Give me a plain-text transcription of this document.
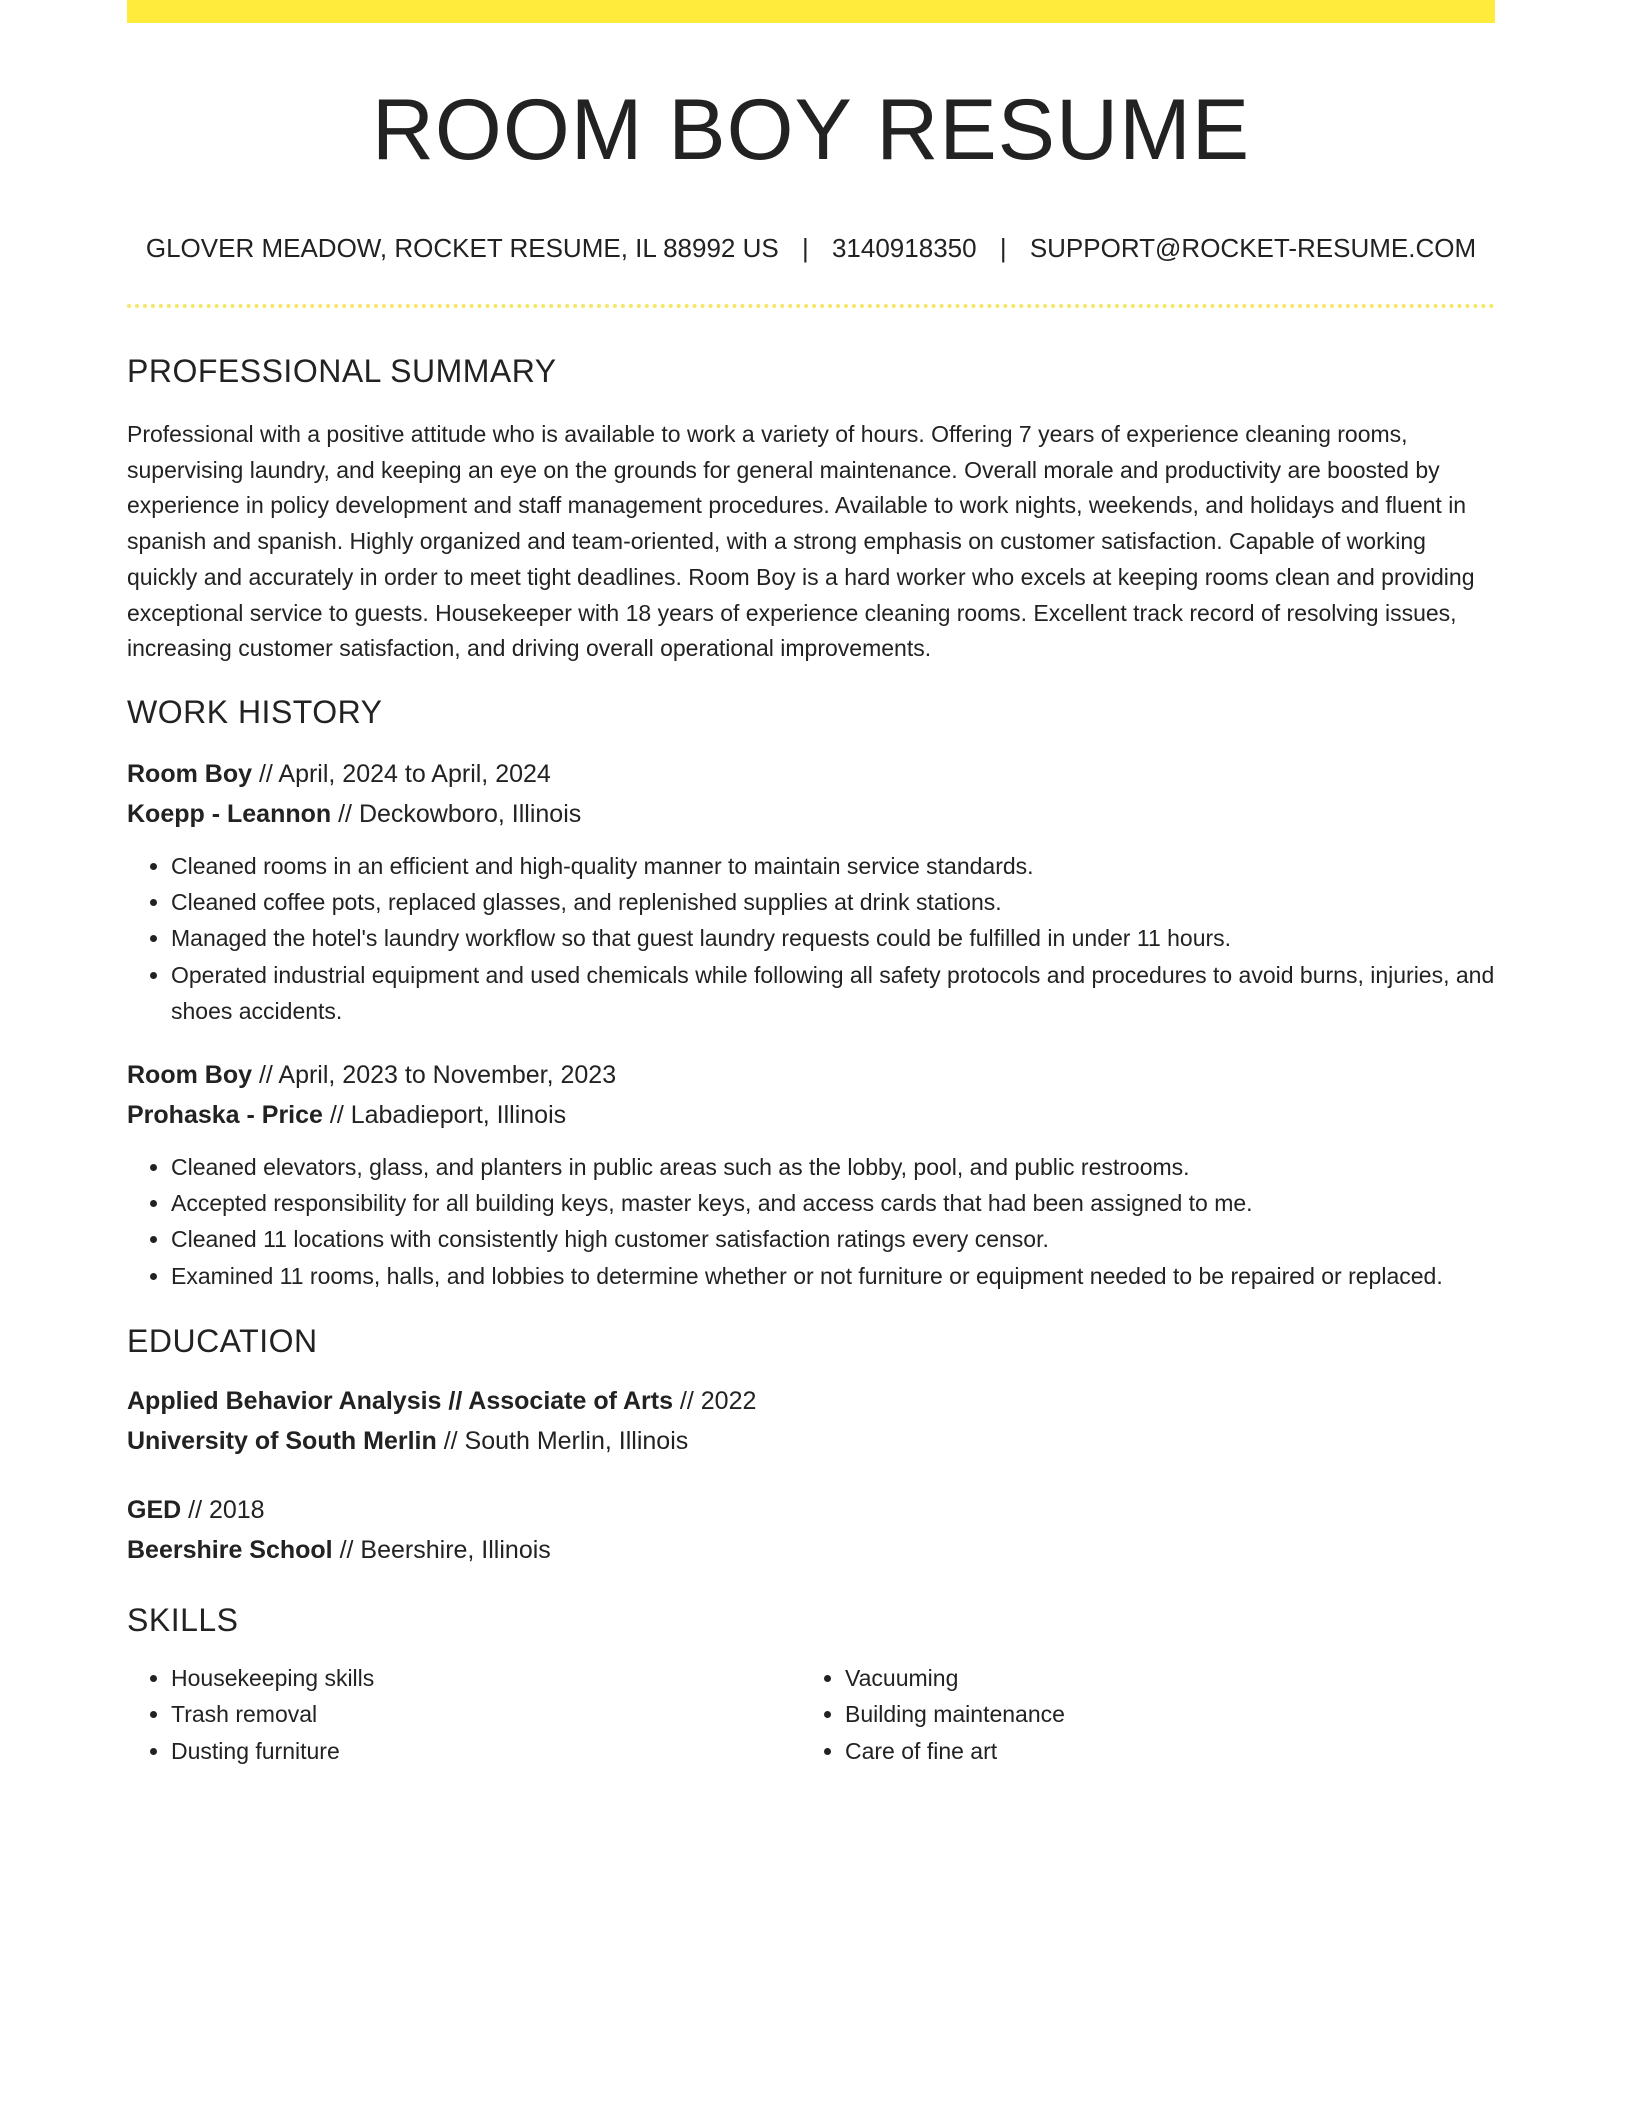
ROOM BOY RESUME
GLOVER MEADOW, ROCKET RESUME, IL 88992 US | 3140918350 | SUPPORT@ROCKET-RESUME.COM
PROFESSIONAL SUMMARY

Professional with a positive attitude who is available to work a variety of hours. Offering 7 years of experience cleaning rooms, supervising laundry, and keeping an eye on the grounds for general maintenance. Overall morale and productivity are boosted by experience in policy development and staff management procedures. Available to work nights, weekends, and holidays and fluent in spanish and spanish. Highly organized and team-oriented, with a strong emphasis on customer satisfaction. Capable of working quickly and accurately in order to meet tight deadlines. Room Boy is a hard worker who excels at keeping rooms clean and providing exceptional service to guests. Housekeeper with 18 years of experience cleaning rooms. Excellent track record of resolving issues, increasing customer satisfaction, and driving overall operational improvements.

WORK HISTORY
Room Boy // April, 2024 to April, 2024
Koepp - Leannon // Deckowboro, Illinois
• Cleaned rooms in an efficient and high-quality manner to maintain service standards.
• Cleaned coffee pots, replaced glasses, and replenished supplies at drink stations.
• Managed the hotel's laundry workflow so that guest laundry requests could be fulfilled in under 11 hours.
• Operated industrial equipment and used chemicals while following all safety protocols and procedures to avoid burns, injuries, and shoes accidents.
Room Boy // April, 2023 to November, 2023
Prohaska - Price // Labadieport, Illinois
• Cleaned elevators, glass, and planters in public areas such as the lobby, pool, and public restrooms.
• Accepted responsibility for all building keys, master keys, and access cards that had been assigned to me.
• Cleaned 11 locations with consistently high customer satisfaction ratings every censor.
• Examined 11 rooms, halls, and lobbies to determine whether or not furniture or equipment needed to be repaired or replaced.
EDUCATION
Applied Behavior Analysis // Associate of Arts // 2022
University of South Merlin // South Merlin, Illinois
GED // 2018
Beershire School // Beershire, Illinois
SKILLS
• Housekeeping skills
• Trash removal
• Dusting furniture
• Vacuuming
• Building maintenance
• Care of fine art
